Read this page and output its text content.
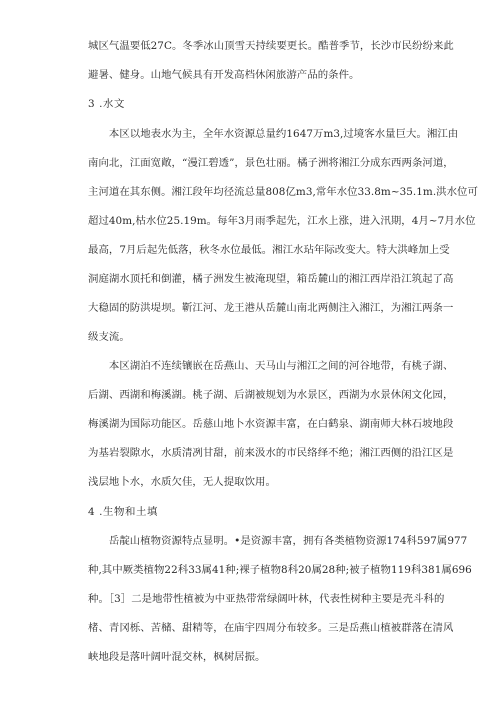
城区气温要低27C。冬季冰山顶雪天持续要更长。酷普季节，长沙市民纷纷来此
避暑、健身。山地气候具有开发高档休闲旅游产品的条件。
3 .水文
　　本区以地表水为主，全年水资源总量约1647万m3,过境客水量巨大。湘江由
南向北，江面宽敞，“漫江碧透”，景色壮丽。橘子洲将湘江分成东西两条河道，
主河道在其东侧。湘江段年均径流总量808亿m3,常年水位33.8m~35.1m.洪水位可
超过40m,枯水位25.19m。每年3月雨季起先，江水上涨，进入汛期，4月~7月水位
最高，7月后起先低落，秋冬水位最低。湘江水玷年际改变大。特大洪峰加上受
洞庭湖水顶托和倒灌，橘子洲发生被淹现望，箱岳麓山的湘江西岸沿江筑起了高
大稳固的防洪堤坝。靳江河、龙王港从岳麓山南北两侧注入湘江，为湘江两条一
级支流。
　　本区湖泊不连续镶嵌在岳燕山、天马山与湘江之间的河谷地带，有桃子湖、
后湖、西湖和梅溪湖。桃子湖、后湖被规划为水景区，西湖为水景休闲文化园，
梅溪湖为国际功能区。岳慈山地卜水资源丰富，在白鹤泉、湖南师大林石坡地段
为基岩裂隙水，水质清冽甘甜，前来汲水的市民络绎不绝；湘江西侧的沿江区是
浅层地卜水，水质欠佳，无人提取饮用。
4 .生物和土填
　　岳靛山植物资源特点显明。•是资源丰富，拥有各类植物资源174科597属977
种,其中厥类植物22科33属41种;裸子植物8科20属28种;被子植物119科381属696
种。［3］二是地带性植被为中亚热带常绿阔叶林，代表性树种主要是壳斗科的
楮、青冈栎、苦槠、甜精等，在庙宇四周分布较多。三是岳燕山植被群落在清风
峡地段是落叶阔叶混交林，枫树居振。
